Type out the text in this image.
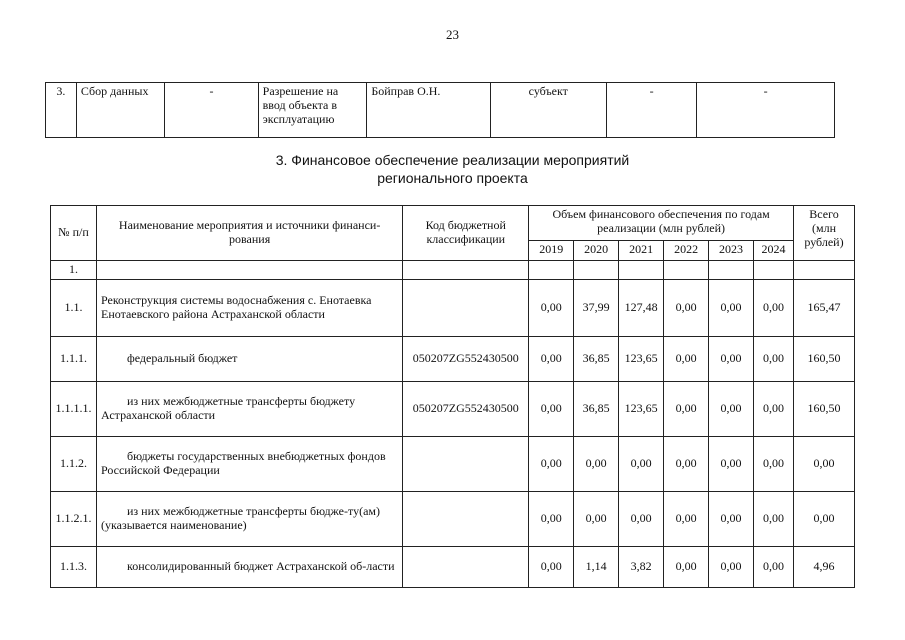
23
3.	Сбор данных	-	Разрешение на ввод объекта в эксплуатацию	Бойправ О.Н.	субъект	-	-
3. Финансовое обеспечение реализации мероприятий
регионального проекта
№ п/п	Наименование мероприятия и источники финанси-рования	Код бюджетной классификации	Объем финансового обеспечения по годам реализации (млн рублей)						Всего (млн рублей)
			2019	2020	2021	2022	2023	2024	
1.									
1.1.	Реконструкция системы водоснабжения с. Енотаевка Енотаевского района Астраханской области		0,00	37,99	127,48	0,00	0,00	0,00	165,47
1.1.1.	федеральный бюджет	050207ZG552430500	0,00	36,85	123,65	0,00	0,00	0,00	160,50
1.1.1.1.	из них межбюджетные трансферты бюджету Астраханской области	050207ZG552430500	0,00	36,85	123,65	0,00	0,00	0,00	160,50
1.1.2.	бюджеты государственных внебюджетных фондов Российской Федерации		0,00	0,00	0,00	0,00	0,00	0,00	0,00
1.1.2.1.	из них межбюджетные трансферты бюдже-ту(ам) (указывается наименование)		0,00	0,00	0,00	0,00	0,00	0,00	0,00
1.1.3.	консолидированный бюджет Астраханской об-ласти		0,00	1,14	3,82	0,00	0,00	0,00	4,96
